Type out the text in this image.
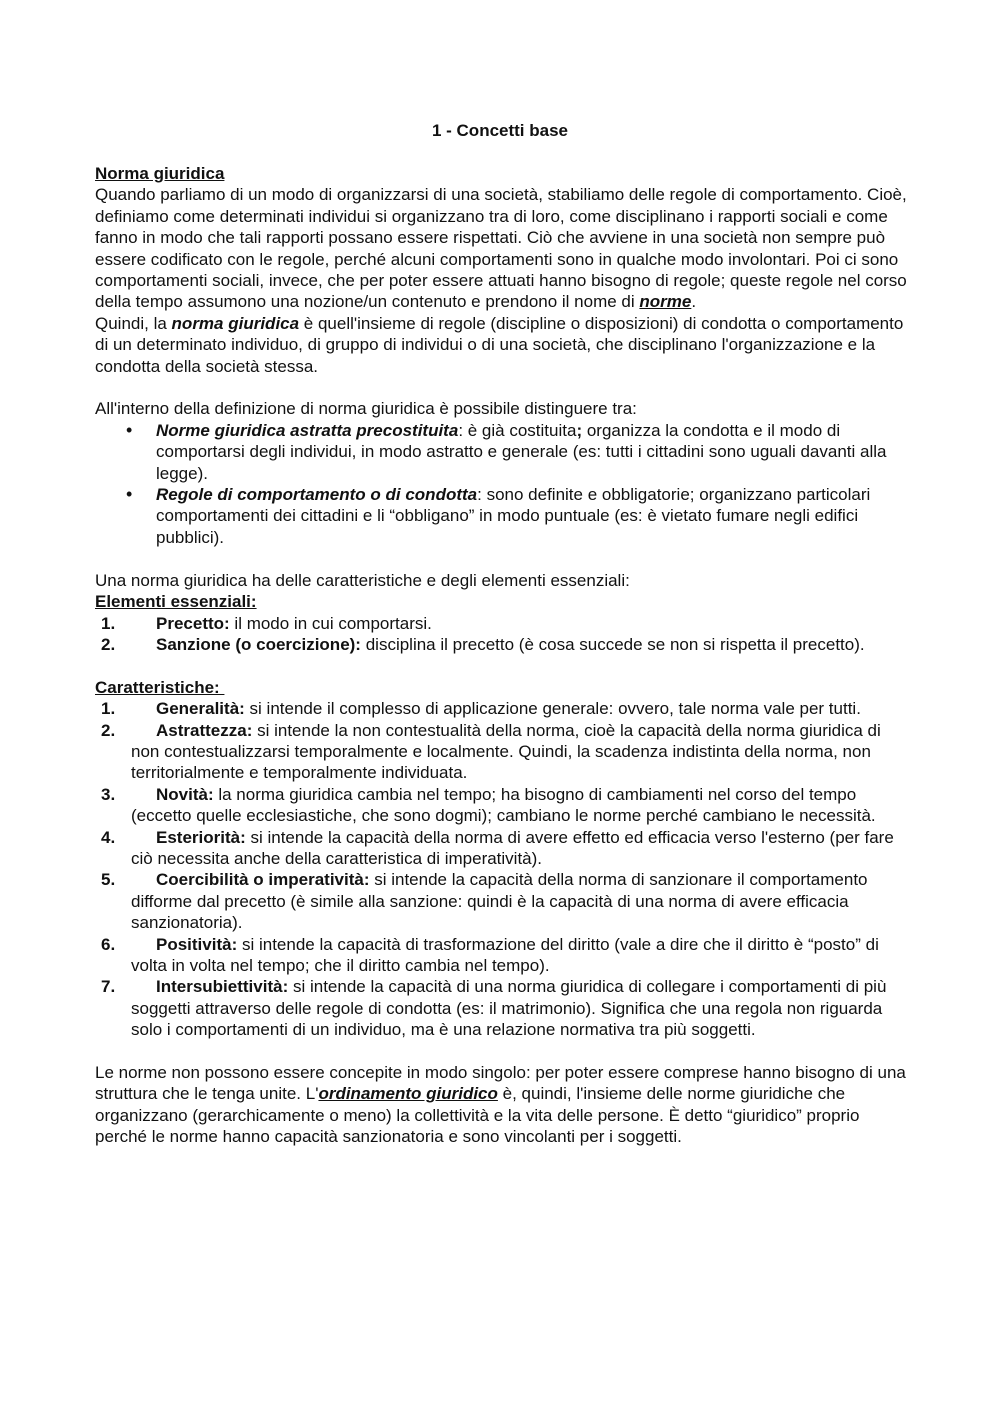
1 - Concetti base
Norma giuridica

Quando parliamo di un modo di organizzarsi di una società, stabiliamo delle regole di comportamento. Cioè, definiamo come determinati individui si organizzano tra di loro, come disciplinano i rapporti sociali e come fanno in modo che tali rapporti possano essere rispettati. Ciò che avviene in una società non sempre può essere codificato con le regole, perché alcuni comportamenti sono in qualche modo involontari. Poi ci sono comportamenti sociali, invece, che per poter essere attuati hanno bisogno di regole; queste regole nel corso della tempo assumono una nozione/un contenuto e prendono il nome di norme.

Quindi, la norma giuridica è quell'insieme di regole (discipline o disposizioni) di condotta o comportamento di un determinato individuo, di gruppo di individui o di una società, che disciplinano l'organizzazione e la condotta della società stessa.

All'interno della definizione di norma giuridica è possibile distinguere tra:

• Norme giuridica astratta precostituita: è già costituita; organizza la condotta e il modo di comportarsi degli individui, in modo astratto e generale (es: tutti i cittadini sono uguali davanti alla legge).
• Regole di comportamento o di condotta: sono definite e obbligatorie; organizzano particolari comportamenti dei cittadini e li “obbligano” in modo puntuale (es: è vietato fumare negli edifici pubblici).

Una norma giuridica ha delle caratteristiche e degli elementi essenziali:

Elementi essenziali:
1. Precetto: il modo in cui comportarsi.
2. Sanzione (o coercizione): disciplina il precetto (è cosa succede se non si rispetta il precetto).
Caratteristiche:
1. Generalità: si intende il complesso di applicazione generale: ovvero, tale norma vale per tutti.
2. Astrattezza: si intende la non contestualità della norma, cioè la capacità della norma giuridica di non contestualizzarsi temporalmente e localmente. Quindi, la scadenza indistinta della norma, non territorialmente e temporalmente individuata.
3. Novità: la norma giuridica cambia nel tempo; ha bisogno di cambiamenti nel corso del tempo (eccetto quelle ecclesiastiche, che sono dogmi); cambiano le norme perché cambiano le necessità.
4. Esteriorità: si intende la capacità della norma di avere effetto ed efficacia verso l'esterno (per fare ciò necessita anche della caratteristica di imperatività).
5. Coercibilità o imperatività: si intende la capacità della norma di sanzionare il comportamento difforme dal precetto (è simile alla sanzione: quindi è la capacità di una norma di avere efficacia sanzionatoria).
6. Positività: si intende la capacità di trasformazione del diritto (vale a dire che il diritto è “posto” di volta in volta nel tempo; che il diritto cambia nel tempo).
7. Intersubiettività: si intende la capacità di una norma giuridica di collegare i comportamenti di più soggetti attraverso delle regole di condotta (es: il matrimonio). Significa che una regola non riguarda solo i comportamenti di un individuo, ma è una relazione normativa tra più soggetti.

Le norme non possono essere concepite in modo singolo: per poter essere comprese hanno bisogno di una struttura che le tenga unite. L'ordinamento giuridico è, quindi, l'insieme delle norme giuridiche che organizzano (gerarchicamente o meno) la collettività e la vita delle persone. È detto “giuridico” proprio perché le norme hanno capacità sanzionatoria e sono vincolanti per i soggetti.
